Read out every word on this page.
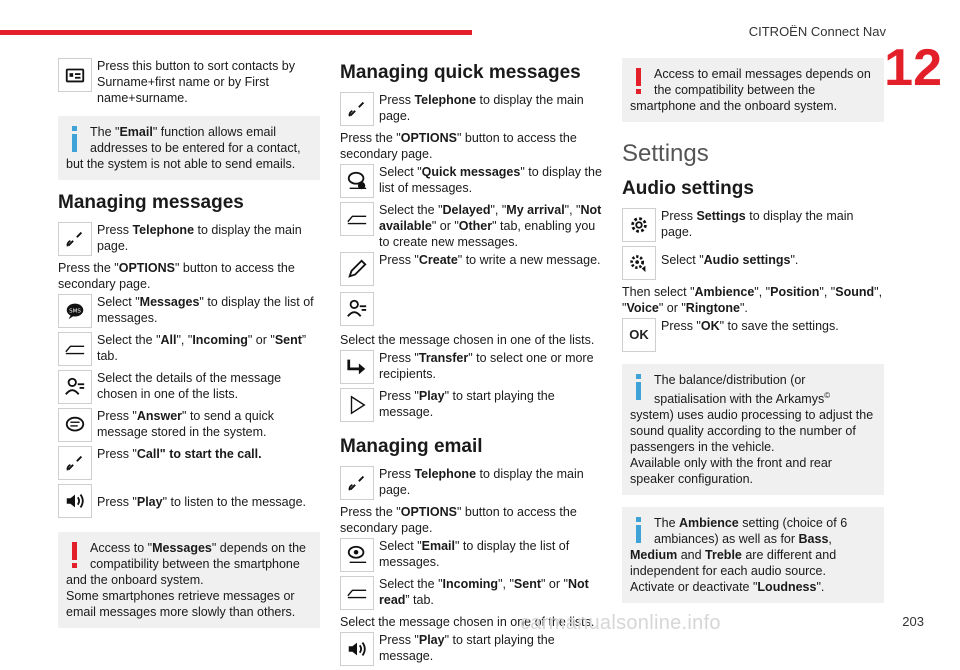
CITROËN Connect Nav
12
Press this button to sort contacts by Surname+first name or by First name+surname.
The "Email" function allows email addresses to be entered for a contact, but the system is not able to send emails.
Managing messages
Press Telephone to display the main page.
Press the "OPTIONS" button to access the secondary page.
SMS
Select "Messages" to display the list of messages.
Select the "All", "Incoming" or "Sent” tab.
Select the details of the message chosen in one of the lists.
Press "Answer" to send a quick message stored in the system.
Press "Call" to start the call.
Press "Play" to listen to the message.
Access to "Messages" depends on the compatibility between the smartphone and the onboard system.
Some smartphones retrieve messages or email messages more slowly than others.
Managing quick messages
Press Telephone to display the main page.
Press the "OPTIONS" button to access the secondary page.
Select "Quick messages" to display the list of messages.
Select the "Delayed", "My arrival", "Not available" or "Other" tab, enabling you to create new messages.
Press "Create" to write a new message.
Select the message chosen in one of the lists.
Press "Transfer" to select one or more recipients.
Press "Play" to start playing the message.
Managing email
Press Telephone to display the main page.
Press the "OPTIONS" button to access the secondary page.
Select "Email" to display the list of messages.
Select the "Incoming", "Sent" or "Not read” tab.
Select the message chosen in one of the lists.
Press "Play" to start playing the message.
Access to email messages depends on the compatibility between the smartphone and the onboard system.
Settings
Audio settings
Press Settings to display the main page.
Select "Audio settings".
Then select "Ambience", "Position", "Sound", "Voice" or "Ringtone".
OK
Press "OK" to save the settings.
The balance/distribution (or spatialisation with the Arkamys© system) uses audio processing to adjust the sound quality according to the number of passengers in the vehicle.
Available only with the front and rear speaker configuration.
The Ambience setting (choice of 6 ambiances) as well as for Bass, Medium and Treble are different and independent for each audio source.
Activate or deactivate "Loudness".
carmanualsonline.info	203
